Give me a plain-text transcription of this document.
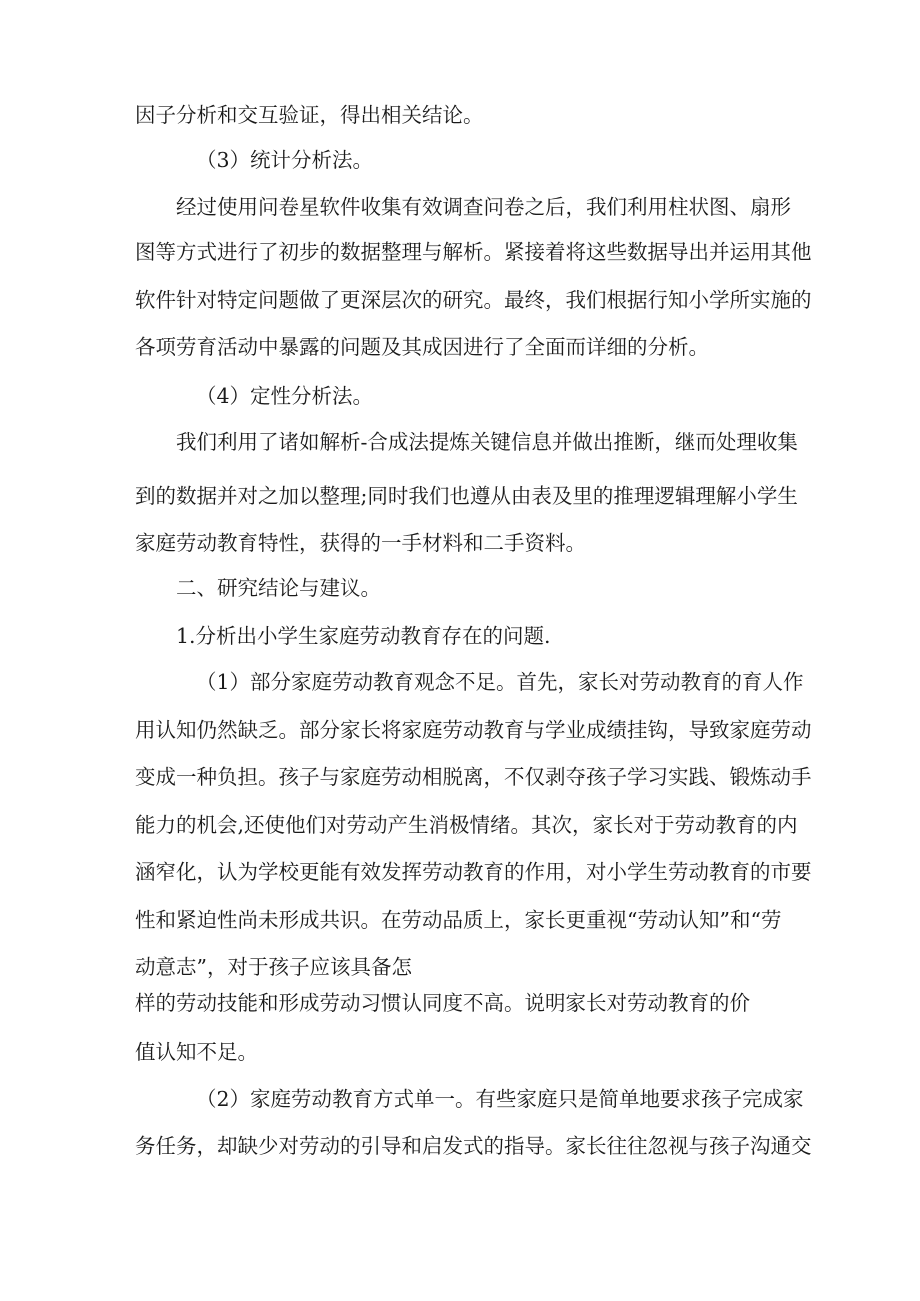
因子分析和交互验证，得出相关结论。
（3）统计分析法。
经过使用问卷星软件收集有效调查问卷之后，我们利用柱状图、扇形
图等方式进行了初步的数据整理与解析。紧接着将这些数据导出并运用其他
软件针对特定问题做了更深层次的研究。最终，我们根据行知小学所实施的
各项劳育活动中暴露的问题及其成因进行了全面而详细的分析。
（4）定性分析法。
我们利用了诸如解析-合成法提炼关键信息并做出推断，继而处理收集
到的数据并对之加以整理;同时我们也遵从由表及里的推理逻辑理解小学生
家庭劳动教育特性，获得的一手材料和二手资料。
二、研究结论与建议。
1.分析出小学生家庭劳动教育存在的问题.
（1）部分家庭劳动教育观念不足。首先，家长对劳动教育的育人作
用认知仍然缺乏。部分家长将家庭劳动教育与学业成绩挂钩，导致家庭劳动
变成一种负担。孩子与家庭劳动相脱离，不仅剥夺孩子学习实践、锻炼动手
能力的机会,还使他们对劳动产生消极情绪。其次，家长对于劳动教育的内
涵窄化，认为学校更能有效发挥劳动教育的作用，对小学生劳动教育的市要
性和紧迫性尚未形成共识。在劳动品质上，家长更重视“劳动认知”和“劳
动意志”，对于孩子应该具备怎
样的劳动技能和形成劳动习惯认同度不高。说明家长对劳动教育的价
值认知不足。
（2）家庭劳动教育方式单一。有些家庭只是简单地要求孩子完成家
务任务，却缺少对劳动的引导和启发式的指导。家长往往忽视与孩子沟通交
